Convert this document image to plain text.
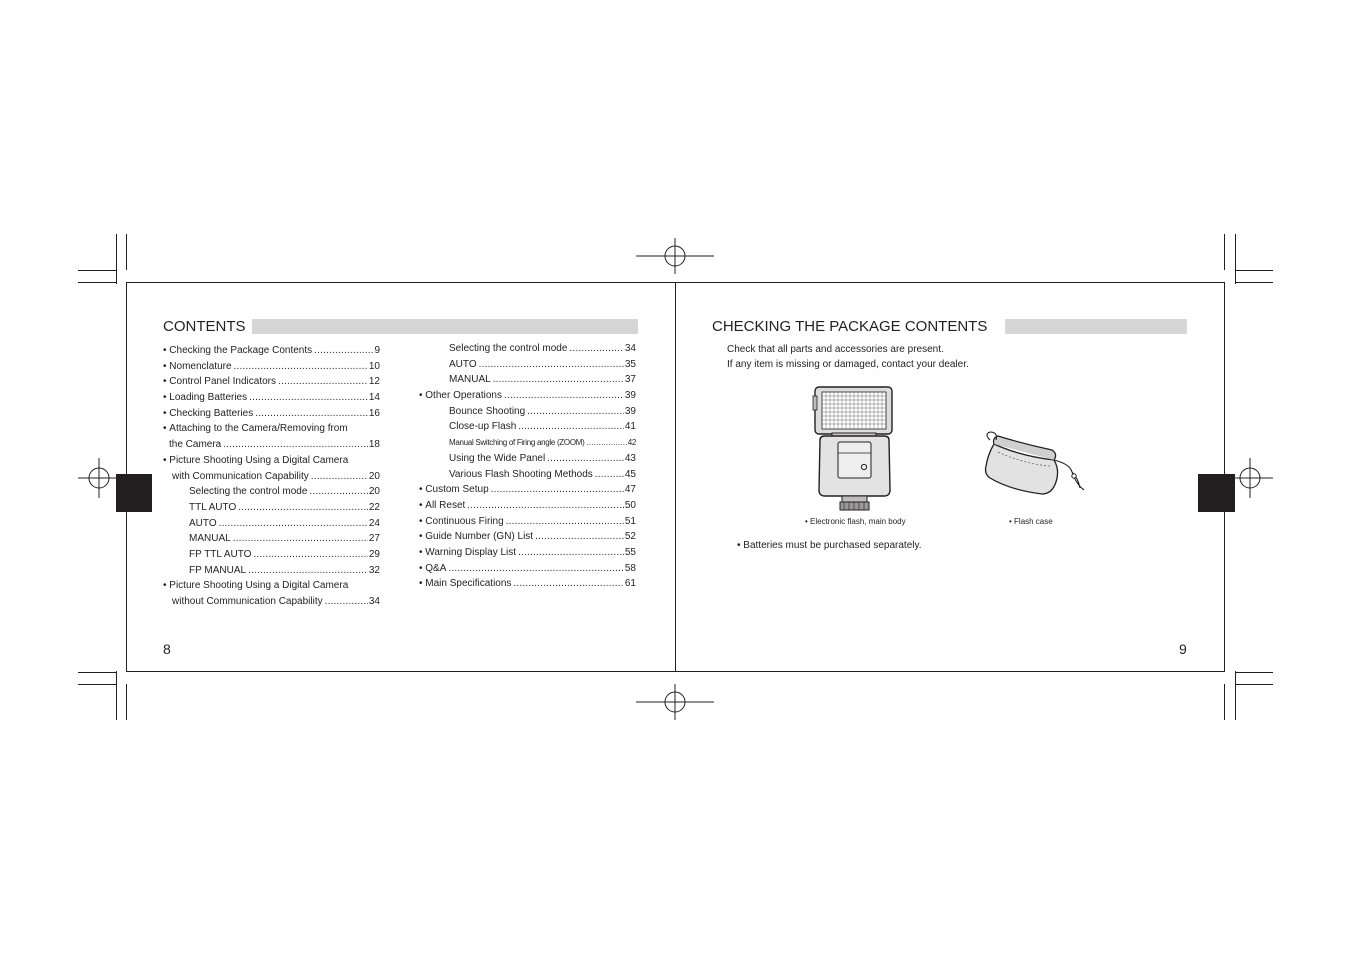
CONTENTS
• Checking the Package Contents .....	9
• Nomenclature .....	10
• Control Panel Indicators .....	12
• Loading Batteries .....	14
• Checking Batteries .....	16
• Attaching to the Camera/Removing from
the Camera .....	18
• Picture Shooting Using a Digital Camera
with Communication Capability .....	20
Selecting the control mode .....	20
TTL AUTO .....	22
AUTO .....	24
MANUAL .....	27
FP TTL AUTO .....	29
FP MANUAL .....	32
• Picture Shooting Using a Digital Camera
without Communication Capability .....	34
Selecting the control mode .....	34
AUTO .....	35
MANUAL .....	37
• Other Operations .....	39
Bounce Shooting .....	39
Close-up Flash .....	41
Manual Switching of Firing angle (ZOOM) .....	42
Using the Wide Panel .....	43
Various Flash Shooting Methods .....	45
• Custom Setup .....	47
• All Reset .....	50
• Continuous Firing .....	51
• Guide Number (GN) List .....	52
• Warning Display List .....	55
• Q&A .....	58
• Main Specifications .....	61
8
CHECKING THE PACKAGE CONTENTS
Check that all parts and accessories are present.
If any item is missing or damaged, contact your dealer.
• Electronic flash, main body	• Flash case
• Batteries must be purchased separately.
9
